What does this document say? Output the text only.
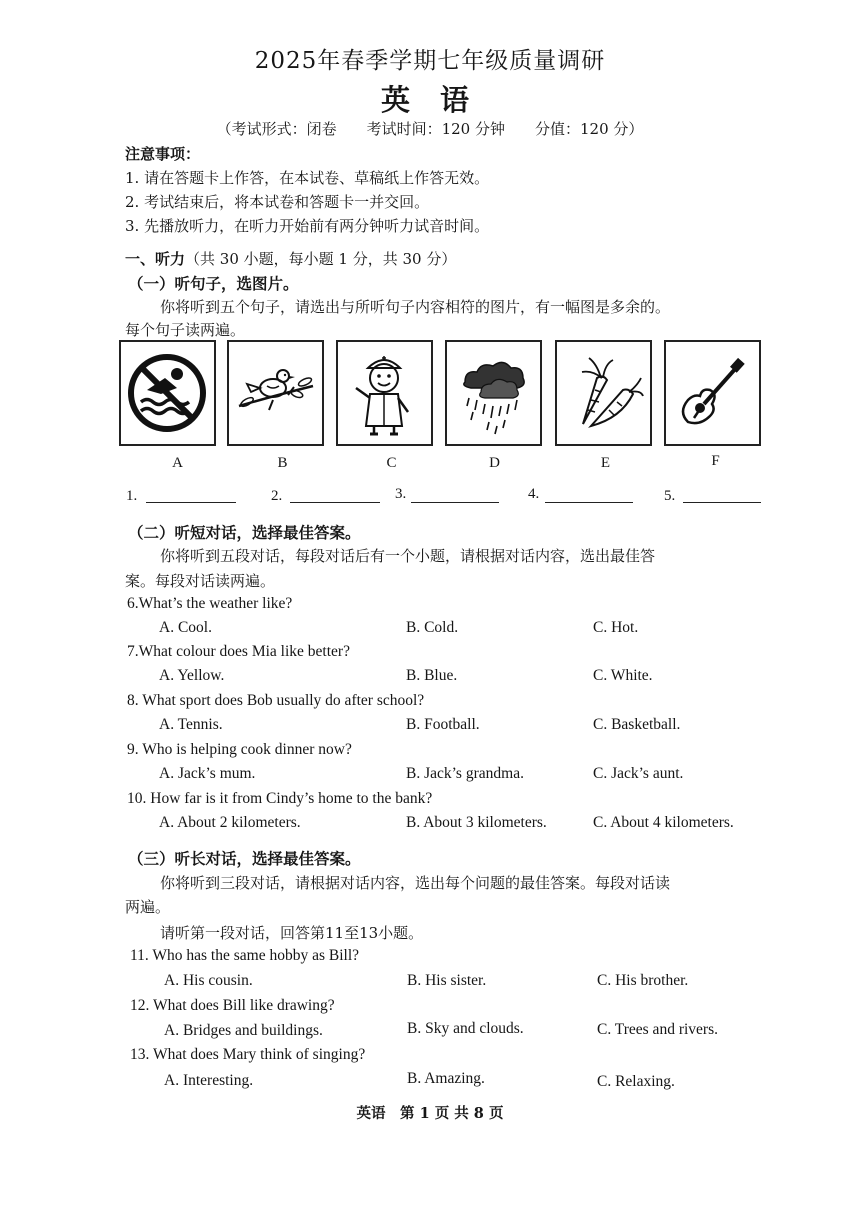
2025年春季学期七年级质量调研
英 语
（考试形式：闭卷　　考试时间：120 分钟　　分值：120 分）
注意事项：
1. 请在答题卡上作答，在本试卷、草稿纸上作答无效。
2. 考试结束后，将本试卷和答题卡一并交回。
3. 先播放听力，在听力开始前有两分钟听力试音时间。
一、听力（共 30 小题，每小题 1 分，共 30 分）
（一）听句子，选图片。
你将听到五个句子，请选出与所听句子内容相符的图片，有一幅图是多余的。
每个句子读两遍。
A	B	C	D	E	F
1.	2.	3.	4.	5.
（二）听短对话，选择最佳答案。
你将听到五段对话，每段对话后有一个小题，请根据对话内容，选出最佳答
案。每段对话读两遍。
6.What’s the weather like?
A. Cool.	B. Cold.	C. Hot.
7.What colour does Mia like better?
A. Yellow.	B. Blue.	C. White.
8. What sport does Bob usually do after school?
A. Tennis.	B. Football.	C. Basketball.
9. Who is helping cook dinner now?
A. Jack’s mum.	B. Jack’s grandma.	C. Jack’s aunt.
10. How far is it from Cindy’s home to the bank?
A. About 2 kilometers.	B. About 3 kilometers.	C. About 4 kilometers.
（三）听长对话，选择最佳答案。
你将听到三段对话，请根据对话内容，选出每个问题的最佳答案。每段对话读
两遍。
请听第一段对话，回答第11至13小题。
11. Who has the same hobby as Bill?
A. His cousin.	B. His sister.	C. His brother.
12. What does Bill like drawing?
A. Bridges and buildings.	B. Sky and clouds.	C. Trees and rivers.
13. What does Mary think of singing?
A. Interesting.	B. Amazing.	C. Relaxing.
英语　第 1 页 共 8 页
